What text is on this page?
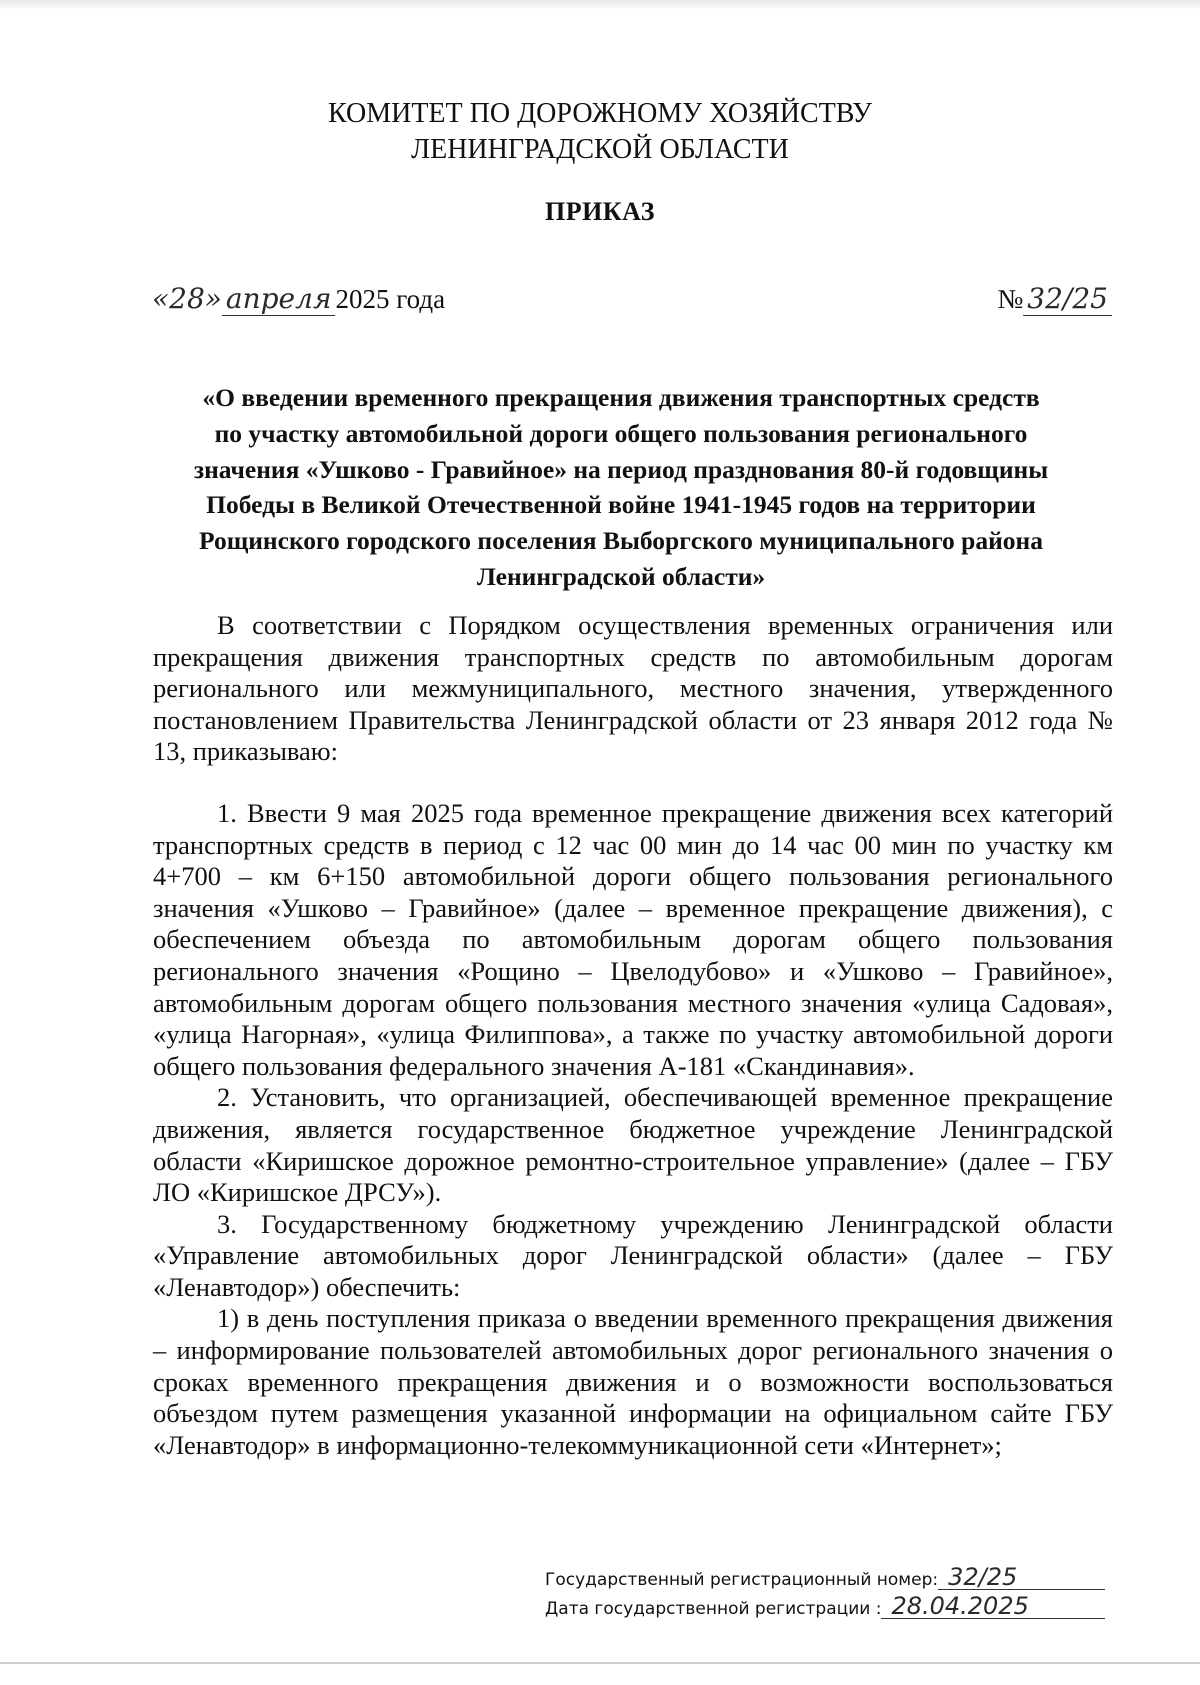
КОМИТЕТ ПО ДОРОЖНОМУ ХОЗЯЙСТВУ
ЛЕНИНГРАДСКОЙ ОБЛАСТИ
ПРИКАЗ
«28» апреля 2025 года	№ 32/25
«О введении временного прекращения движения транспортных средств
по участку автомобильной дороги общего пользования регионального
значения «Ушково - Гравийное» на период празднования 80-й годовщины
Победы в Великой Отечественной войне 1941-1945 годов на территории
Рощинского городского поселения Выборгского муниципального района
Ленинградской области»

В соответствии с Порядком осуществления временных ограничения или прекращения движения транспортных средств по автомобильным дорогам регионального или межмуниципального, местного значения, утвержденного постановлением Правительства Ленинградской области от 23 января 2012 года № 13, приказываю:

1. Ввести 9 мая 2025 года временное прекращение движения всех категорий транспортных средств в период с 12 час 00 мин до 14 час 00 мин по участку км 4+700 – км 6+150 автомобильной дороги общего пользования регионального значения «Ушково – Гравийное» (далее – временное прекращение движения), с обеспечением объезда по автомобильным дорогам общего пользования регионального значения «Рощино – Цвелодубово» и «Ушково – Гравийное», автомобильным дорогам общего пользования местного значения «улица Садовая», «улица Нагорная», «улица Филиппова», а также по участку автомобильной дороги общего пользования федерального значения А-181 «Скандинавия».

2. Установить, что организацией, обеспечивающей временное прекращение движения, является государственное бюджетное учреждение Ленинградской области «Киришское дорожное ремонтно-строительное управление» (далее – ГБУ ЛО «Киришское ДРСУ»).

3. Государственному бюджетному учреждению Ленинградской области «Управление автомобильных дорог Ленинградской области» (далее – ГБУ «Ленавтодор») обеспечить:

1) в день поступления приказа о введении временного прекращения движения – информирование пользователей автомобильных дорог регионального значения о сроках временного прекращения движения и о возможности воспользоваться объездом путем размещения указанной информации на официальном сайте ГБУ «Ленавтодор» в информационно-телекоммуникационной сети «Интернет»;

Государственный регистрационный номер: 32/25
Дата государственной регистрации : 28.04.2025
